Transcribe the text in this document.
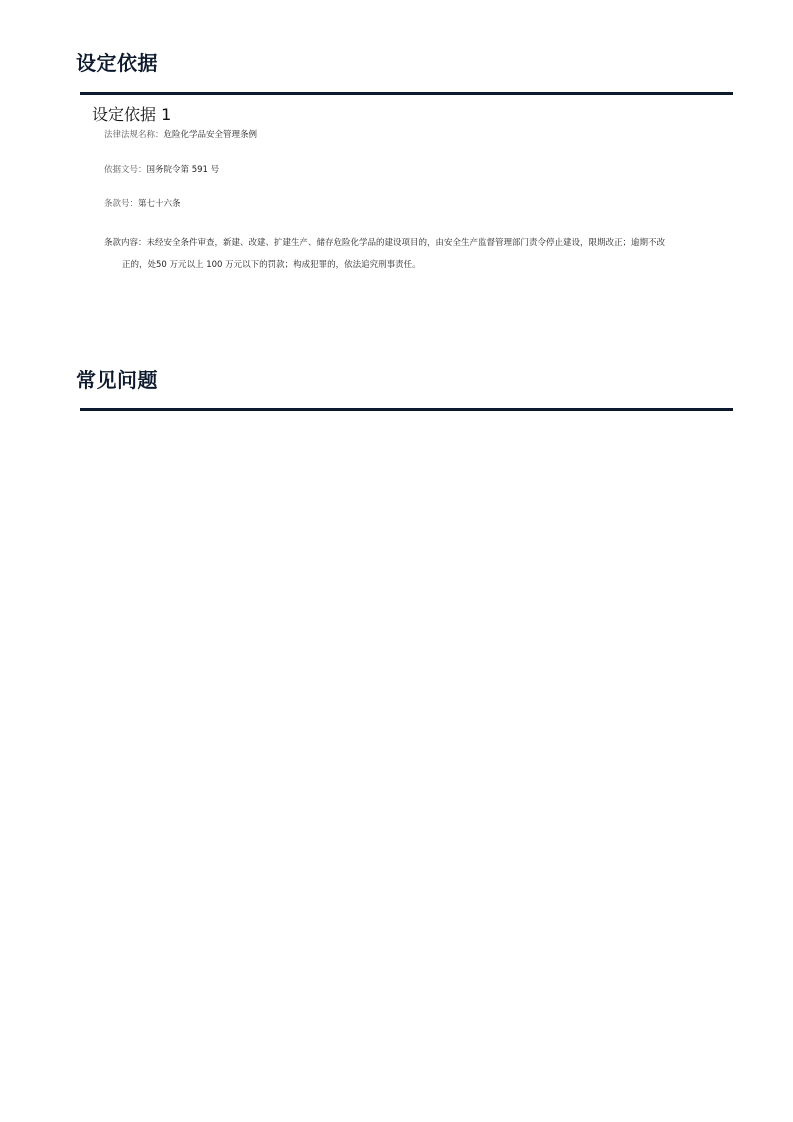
设定依据
设定依据 1

法律法规名称：危险化学品安全管理条例

依据文号：国务院令第 591 号

条款号：第七十六条

条款内容：未经安全条件审查，新建、改建、扩建生产、储存危险化学品的建设项目的，由安全生产监督管理部门责令停止建设，限期改正；逾期不改
正的，处50 万元以上 100 万元以下的罚款；构成犯罪的，依法追究刑事责任。
常见问题
